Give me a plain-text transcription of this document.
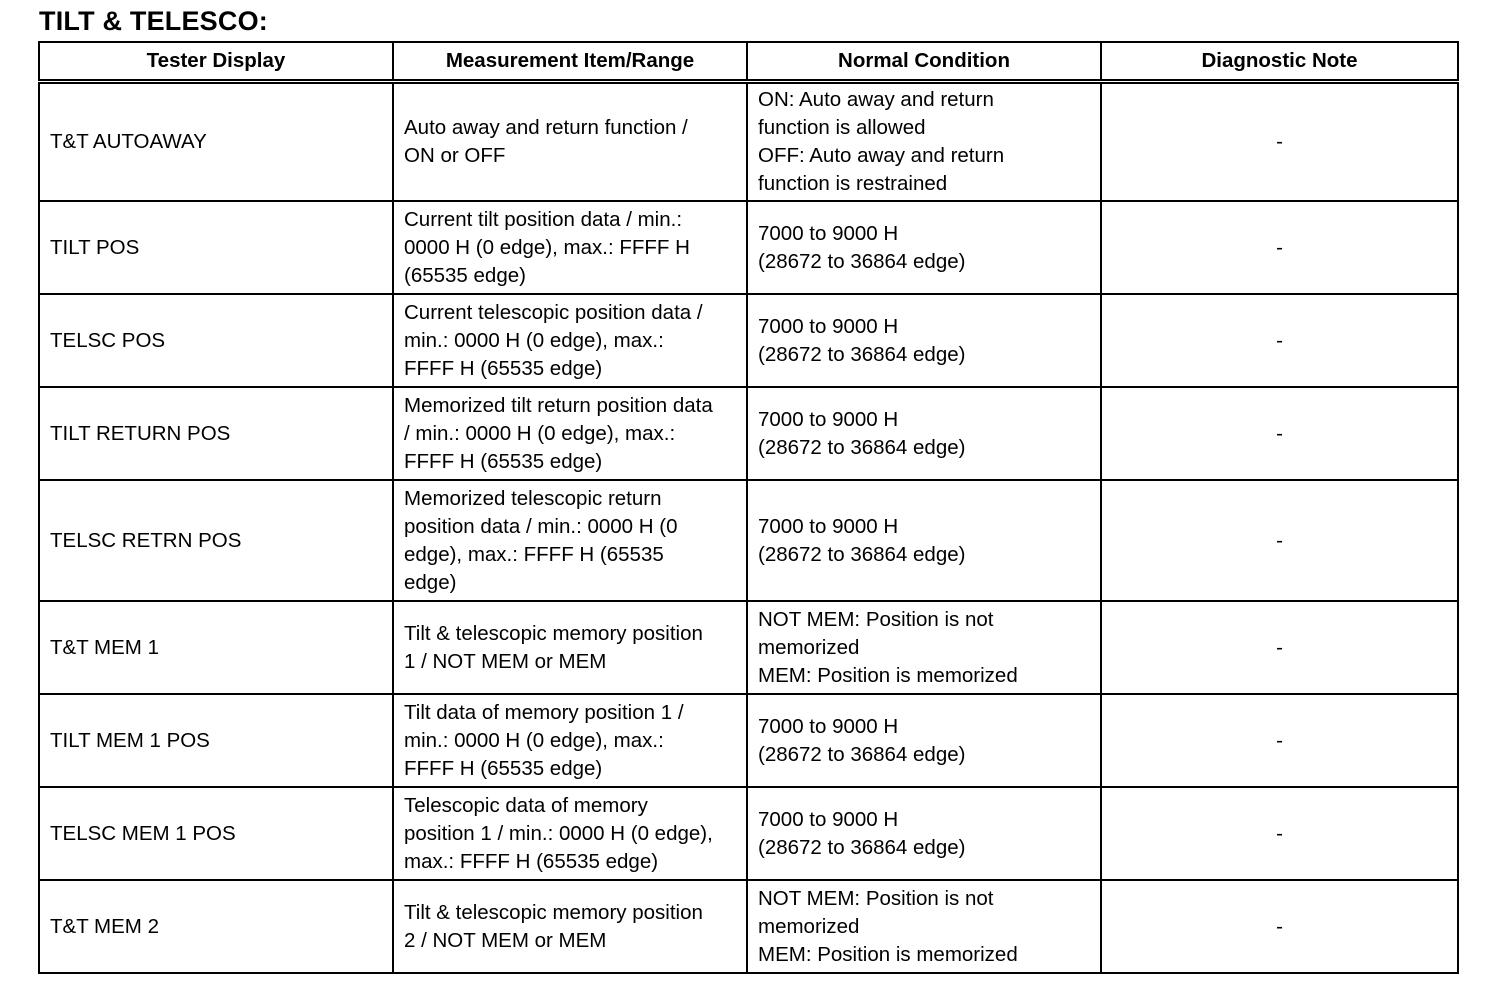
TILT & TELESCO:
Tester Display	Measurement Item/Range	Normal Condition	Diagnostic Note
T&T AUTOAWAY	Auto away and return function /
ON or OFF	ON: Auto away and return
function is allowed
OFF: Auto away and return
function is restrained	-
TILT POS	Current tilt position data / min.:
0000 H (0 edge), max.: FFFF H
(65535 edge)	7000 to 9000 H
(28672 to 36864 edge)	-
TELSC POS	Current telescopic position data /
min.: 0000 H (0 edge), max.:
FFFF H (65535 edge)	7000 to 9000 H
(28672 to 36864 edge)	-
TILT RETURN POS	Memorized tilt return position data
/ min.: 0000 H (0 edge), max.:
FFFF H (65535 edge)	7000 to 9000 H
(28672 to 36864 edge)	-
TELSC RETRN POS	Memorized telescopic return
position data / min.: 0000 H (0
edge), max.: FFFF H (65535
edge)	7000 to 9000 H
(28672 to 36864 edge)	-
T&T MEM 1	Tilt & telescopic memory position
1 / NOT MEM or MEM	NOT MEM: Position is not
memorized
MEM: Position is memorized	-
TILT MEM 1 POS	Tilt data of memory position 1 /
min.: 0000 H (0 edge), max.:
FFFF H (65535 edge)	7000 to 9000 H
(28672 to 36864 edge)	-
TELSC MEM 1 POS	Telescopic data of memory
position 1 / min.: 0000 H (0 edge),
max.: FFFF H (65535 edge)	7000 to 9000 H
(28672 to 36864 edge)	-
T&T MEM 2	Tilt & telescopic memory position
2 / NOT MEM or MEM	NOT MEM: Position is not
memorized
MEM: Position is memorized	-
